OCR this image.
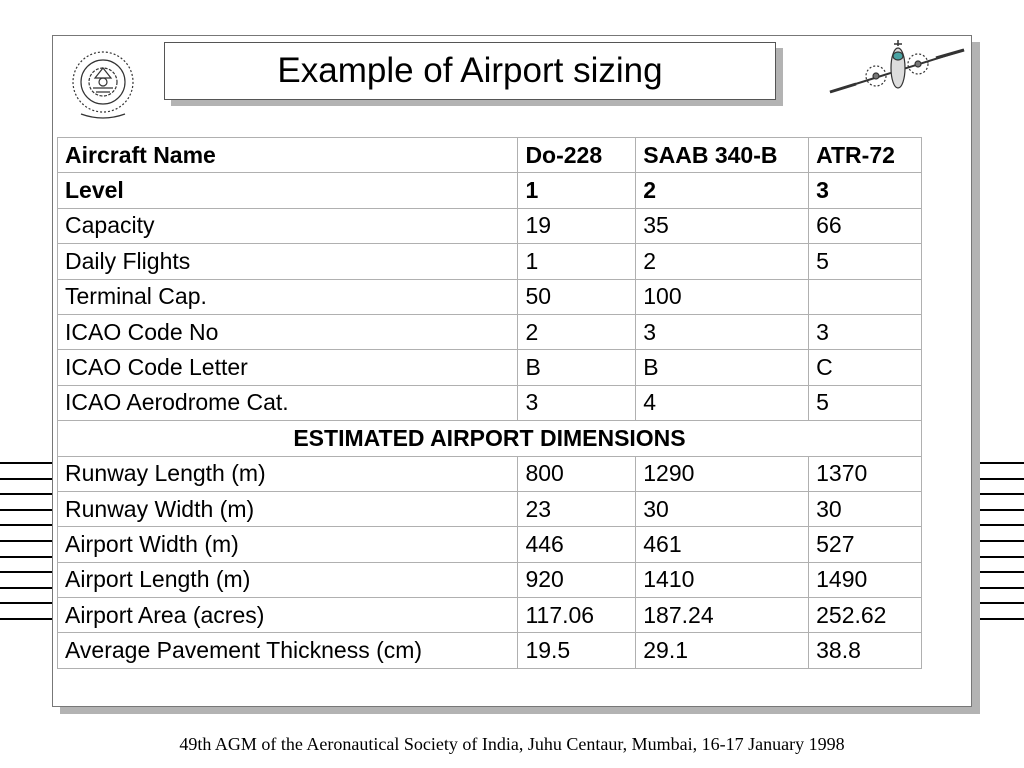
Example of Airport sizing
Aircraft Name	Do-228	SAAB 340-B	ATR-72
Level	1	2	3
Capacity	19	35	66
Daily Flights	1	2	5
Terminal Cap.	50	100	
ICAO Code No	2	3	3
ICAO Code Letter	B	B	C
ICAO Aerodrome Cat.	3	4	5
ESTIMATED AIRPORT DIMENSIONS			
Runway Length (m)	800	1290	1370
Runway Width (m)	23	30	30
Airport Width (m)	446	461	527
Airport Length (m)	920	1410	1490
Airport Area (acres)	117.06	187.24	252.62
Average Pavement Thickness (cm)	19.5	29.1	38.8
49th AGM of the Aeronautical Society of India, Juhu Centaur, Mumbai, 16-17 January 1998
